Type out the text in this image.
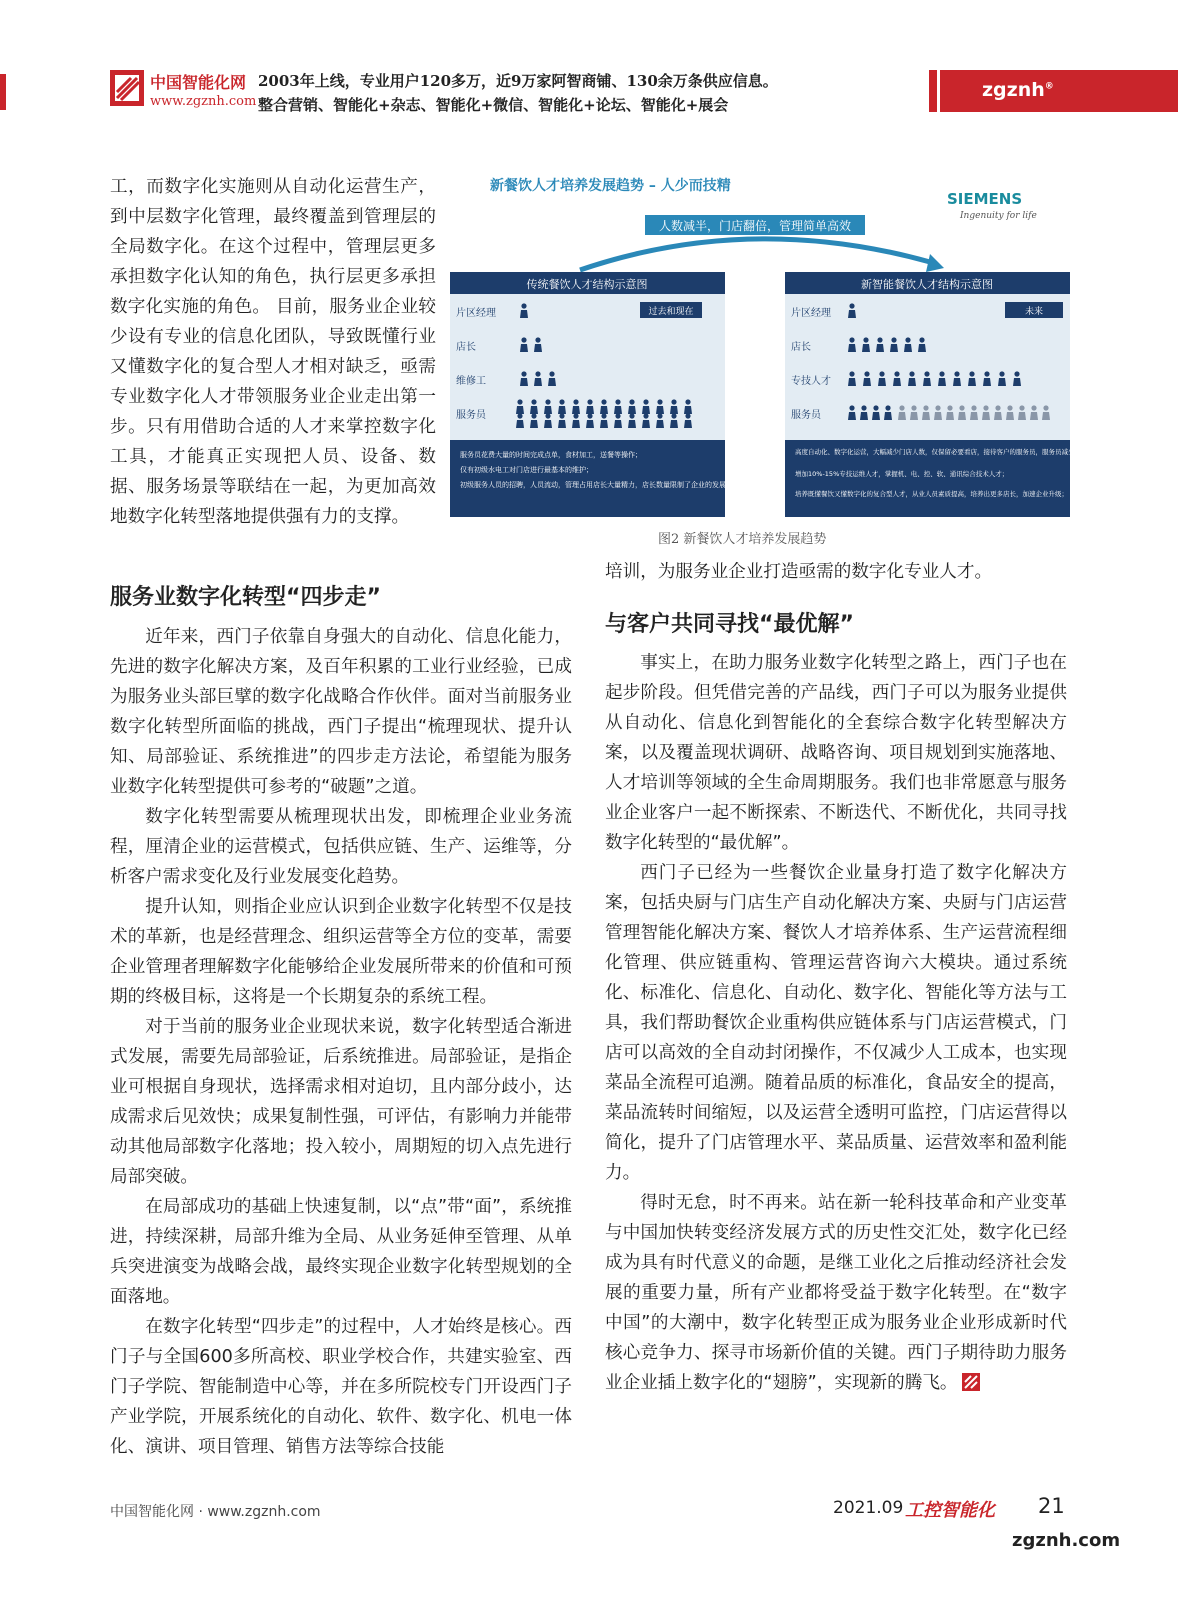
中国智能化网
www.zgznh.com
2003年上线，专业用户120多万，近9万家阿智商铺、130余万条供应信息。
整合营销、智能化+杂志、智能化+微信、智能化+论坛、智能化+展会
zgznh®

工，而数字化实施则从自动化运营生产，到中层数字化管理，最终覆盖到管理层的全局数字化。在这个过程中，管理层更多承担数字化认知的角色，执行层更多承担数字化实施的角色。 目前，服务业企业较少设有专业的信息化团队，导致既懂行业又懂数字化的复合型人才相对缺乏，亟需专业数字化人才带领服务业企业走出第一步。只有用借助合适的人才来掌控数字化工具，才能真正实现把人员、设备、数据、服务场景等联结在一起，为更加高效地数字化转型落地提供强有力的支撑。

新餐饮人才培养发展趋势 – 人少而技精
SIEMENS
Ingenuity for life
人数减半，门店翻倍，管理简单高效
传统餐饮人才结构示意图
过去和现在
片区经理
店长
维修工
服务员
服务员花费大量的时间完成点单，食材加工，送餐等操作；
仅有初级水电工对门店进行最基本的维护；
初级服务人员的招聘，人员流动，管理占用店长大量精力，店长数量限制了企业的发展；
新智能餐饮人才结构示意图
未来
片区经理
店长
专技人才
服务员
高度自动化、数字化运营，大幅减少门店人数，仅保留必要看店，接待客户的服务员，服务员减少40%-70%；
增加10%-15%专技运维人才，掌握机、电、控、软、通讯综合技术人才；
培养既懂餐饮又懂数字化的复合型人才，从业人员素质提高，培养出更多店长，加速企业升级；
图2 新餐饮人才培养发展趋势
服务业数字化转型“四步走”

近年来，西门子依靠自身强大的自动化、信息化能力，先进的数字化解决方案，及百年积累的工业行业经验，已成为服务业头部巨擘的数字化战略合作伙伴。面对当前服务业数字化转型所面临的挑战，西门子提出“梳理现状、提升认知、局部验证、系统推进”的四步走方法论，希望能为服务业数字化转型提供可参考的“破题”之道。

数字化转型需要从梳理现状出发，即梳理企业业务流程，厘清企业的运营模式，包括供应链、生产、运维等，分析客户需求变化及行业发展变化趋势。

提升认知，则指企业应认识到企业数字化转型不仅是技术的革新，也是经营理念、组织运营等全方位的变革，需要企业管理者理解数字化能够给企业发展所带来的价值和可预期的终极目标，这将是一个长期复杂的系统工程。

对于当前的服务业企业现状来说，数字化转型适合渐进式发展，需要先局部验证，后系统推进。局部验证，是指企业可根据自身现状，选择需求相对迫切，且内部分歧小，达成需求后见效快；成果复制性强，可评估，有影响力并能带动其他局部数字化落地；投入较小，周期短的切入点先进行局部突破。

在局部成功的基础上快速复制，以“点”带“面”，系统推进，持续深耕，局部升维为全局、从业务延伸至管理、从单兵突进演变为战略会战，最终实现企业数字化转型规划的全面落地。

在数字化转型“四步走”的过程中，人才始终是核心。西门子与全国600多所高校、职业学校合作，共建实验室、西门子学院、智能制造中心等，并在多所院校专门开设西门子产业学院，开展系统化的自动化、软件、数字化、机电一体化、演讲、项目管理、销售方法等综合技能

培训，为服务业企业打造亟需的数字化专业人才。

与客户共同寻找“最优解”

事实上，在助力服务业数字化转型之路上，西门子也在起步阶段。但凭借完善的产品线，西门子可以为服务业提供从自动化、信息化到智能化的全套综合数字化转型解决方案，以及覆盖现状调研、战略咨询、项目规划到实施落地、人才培训等领域的全生命周期服务。我们也非常愿意与服务业企业客户一起不断探索、不断迭代、不断优化，共同寻找数字化转型的“最优解”。

西门子已经为一些餐饮企业量身打造了数字化解决方案，包括央厨与门店生产自动化解决方案、央厨与门店运营管理智能化解决方案、餐饮人才培养体系、生产运营流程细化管理、供应链重构、管理运营咨询六大模块。通过系统化、标准化、信息化、自动化、数字化、智能化等方法与工具，我们帮助餐饮企业重构供应链体系与门店运营模式，门店可以高效的全自动封闭操作，不仅减少人工成本，也实现菜品全流程可追溯。随着品质的标准化，食品安全的提高，菜品流转时间缩短，以及运营全透明可监控，门店运营得以简化，提升了门店管理水平、菜品质量、运营效率和盈利能力。

得时无怠，时不再来。站在新一轮科技革命和产业变革与中国加快转变经济发展方式的历史性交汇处，数字化已经成为具有时代意义的命题，是继工业化之后推动经济社会发展的重要力量，所有产业都将受益于数字化转型。在“数字中国”的大潮中，数字化转型正成为服务业企业形成新时代核心竞争力、探寻市场新价值的关键。西门子期待助力服务业企业插上数字化的“翅膀”，实现新的腾飞。

中国智能化网 · www.zgznh.com	2021.09 工控智能化 21
zgznh.com
